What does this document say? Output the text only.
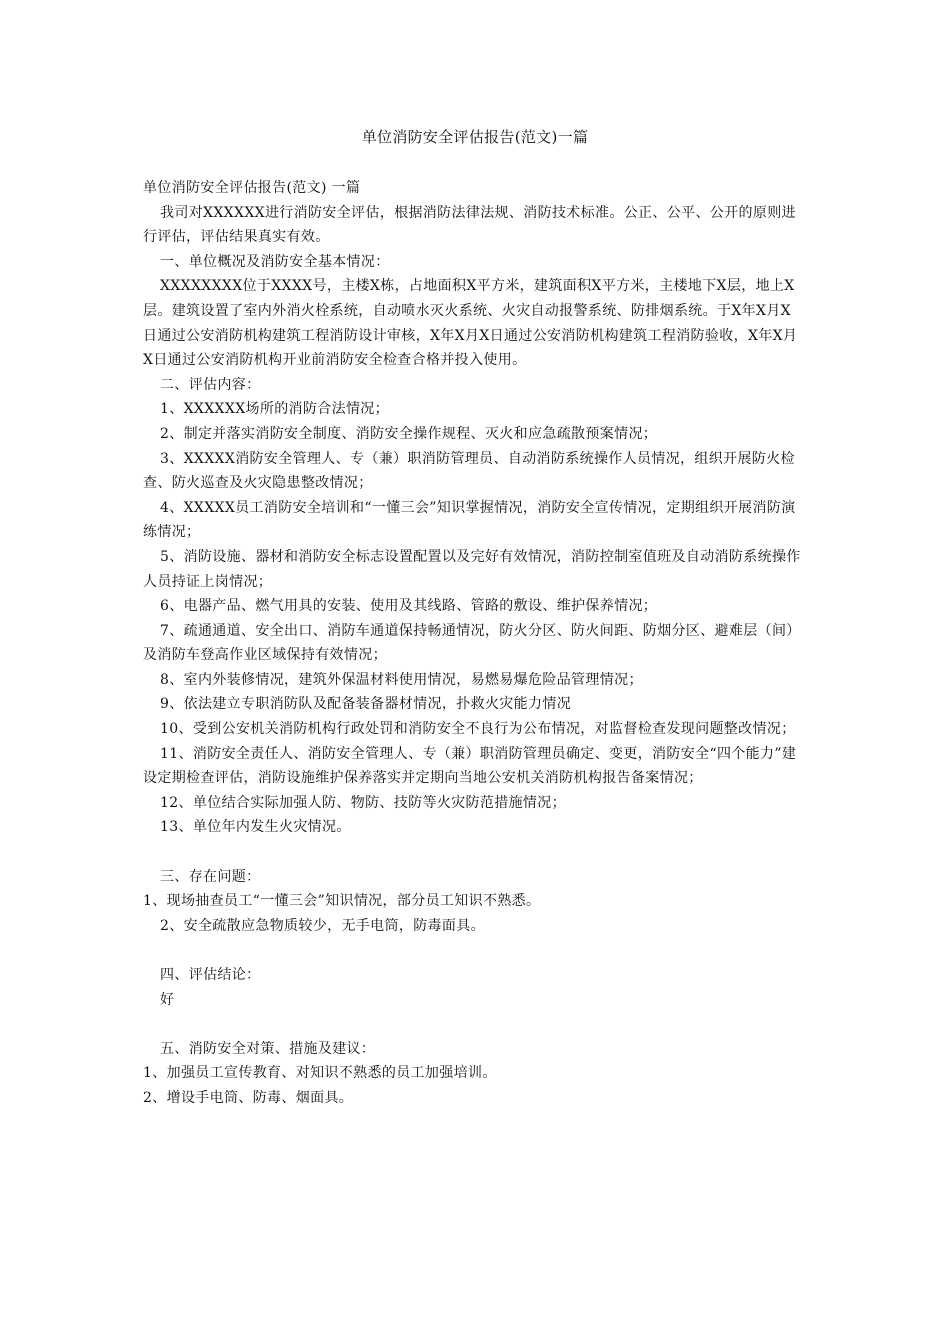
单位消防安全评估报告(范文)一篇

单位消防安全评估报告(范文) 一篇

我司对XXXXXX进行消防安全评估，根据消防法律法规、消防技术标准。公正、公平、公开的原则进行评估，评估结果真实有效。

一、单位概况及消防安全基本情况：

XXXXXXXX位于XXXX号，主楼X栋，占地面积X平方米，建筑面积X平方米，主楼地下X层，地上X层。建筑设置了室内外消火栓系统，自动喷水灭火系统、火灾自动报警系统、防排烟系统。于X年X月X日通过公安消防机构建筑工程消防设计审核，X年X月X日通过公安消防机构建筑工程消防验收，X年X月X日通过公安消防机构开业前消防安全检查合格并投入使用。

二、评估内容：

1、XXXXXX场所的消防合法情况；

2、制定并落实消防安全制度、消防安全操作规程、灭火和应急疏散预案情况；

3、XXXXX消防安全管理人、专（兼）职消防管理员、自动消防系统操作人员情况，组织开展防火检查、防火巡查及火灾隐患整改情况；

4、XXXXX员工消防安全培训和“一懂三会”知识掌握情况，消防安全宣传情况，定期组织开展消防演练情况；

5、消防设施、器材和消防安全标志设置配置以及完好有效情况，消防控制室值班及自动消防系统操作人员持证上岗情况；

6、电器产品、燃气用具的安装、使用及其线路、管路的敷设、维护保养情况；

7、疏通通道、安全出口、消防车通道保持畅通情况，防火分区、防火间距、防烟分区、避难层（间）及消防车登高作业区域保持有效情况；

8、室内外装修情况，建筑外保温材料使用情况，易燃易爆危险品管理情况；

9、依法建立专职消防队及配备装备器材情况，扑救火灾能力情况

10、受到公安机关消防机构行政处罚和消防安全不良行为公布情况，对监督检查发现问题整改情况；

11、消防安全责任人、消防安全管理人、专（兼）职消防管理员确定、变更，消防安全“四个能力”建设定期检查评估，消防设施维护保养落实并定期向当地公安机关消防机构报告备案情况；

12、单位结合实际加强人防、物防、技防等火灾防范措施情况；

13、单位年内发生火灾情况。

三、存在问题：

1、现场抽查员工“一懂三会”知识情况，部分员工知识不熟悉。

2、安全疏散应急物质较少，无手电筒，防毒面具。

四、评估结论：

好

五、消防安全对策、措施及建议：

1、加强员工宣传教育、对知识不熟悉的员工加强培训。

2、增设手电筒、防毒、烟面具。
